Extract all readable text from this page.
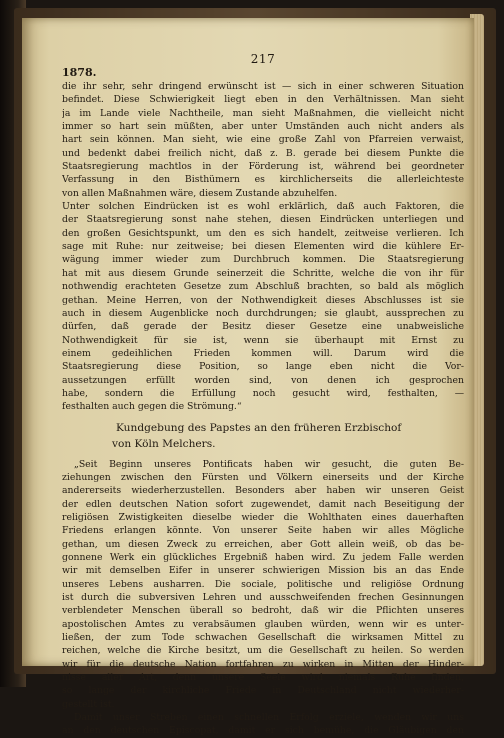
217
1878.
die ihr sehr, sehr dringend erwünscht ist — sich in einer schweren Situation
befindet. Diese Schwierigkeit liegt eben in den Verhältnissen. Man sieht
ja im Lande viele Nachtheile, man sieht Maßnahmen, die vielleicht nicht
immer so hart sein müßten, aber unter Umständen auch nicht anders als
hart sein können. Man sieht, wie eine große Zahl von Pfarreien verwaist,
und bedenkt dabei freilich nicht, daß z. B. gerade bei diesem Punkte die
Staatsregierung machtlos in der Förderung ist, während bei geordneter
Verfassung in den Bisthümern es kirchlicherseits die allerleichteste
von allen Maßnahmen wäre, diesem Zustande abzuhelfen.
Unter solchen Eindrücken ist es wohl erklärlich, daß auch Faktoren, die
der Staatsregierung sonst nahe stehen, diesen Eindrücken unterliegen und
den großen Gesichtspunkt, um den es sich handelt, zeitweise verlieren. Ich
sage mit Ruhe: nur zeitweise; bei diesen Elementen wird die kühlere Er-
wägung immer wieder zum Durchbruch kommen. Die Staatsregierung
hat mit aus diesem Grunde seinerzeit die Schritte, welche die von ihr für
nothwendig erachteten Gesetze zum Abschluß brachten, so bald als möglich
gethan. Meine Herren, von der Nothwendigkeit dieses Abschlusses ist sie
auch in diesem Augenblicke noch durchdrungen; sie glaubt, aussprechen zu
dürfen, daß gerade der Besitz dieser Gesetze eine unabweisliche
Nothwendigkeit für sie ist, wenn sie überhaupt mit Ernst zu
einem gedeihlichen Frieden kommen will. Darum wird die
Staatsregierung diese Position, so lange eben nicht die Vor-
aussetzungen erfüllt worden sind, von denen ich gesprochen
habe, sondern die Erfüllung noch gesucht wird, festhalten, —
festhalten auch gegen die Strömung.“
Kundgebung des Papstes an den früheren Erzbischof
von Köln Melchers.
„Seit Beginn unseres Pontificats haben wir gesucht, die guten Be-
ziehungen zwischen den Fürsten und Völkern einerseits und der Kirche
andererseits wiederherzustellen. Besonders aber haben wir unseren Geist
der edlen deutschen Nation sofort zugewendet, damit nach Beseitigung der
religiösen Zwistigkeiten dieselbe wieder die Wohlthaten eines dauerhaften
Friedens erlangen könnte. Von unserer Seite haben wir alles Mögliche
gethan, um diesen Zweck zu erreichen, aber Gott allein weiß, ob das be-
gonnene Werk ein glückliches Ergebniß haben wird. Zu jedem Falle werden
wir mit demselben Eifer in unserer schwierigen Mission bis an das Ende
unseres Lebens ausharren. Die sociale, politische und religiöse Ordnung
ist durch die subversiven Lehren und ausschweifenden frechen Gesinnungen
verblendeter Menschen überall so bedroht, daß wir die Pflichten unseres
apostolischen Amtes zu verabsäumen glauben würden, wenn wir es unter-
ließen, der zum Tode schwachen Gesellschaft die wirksamen Mittel zu
reichen, welche die Kirche besitzt, um die Gesellschaft zu heilen. So werden
wir für die deutsche Nation fortfahren zu wirken in Mitten der Hinder-
nisse aller Art, denn unsere Seele wird niemals Ruhe finden,
so lange der kirchliche Friede in Deutschland nicht wiederher-
gestellt ist.
Damit unser Streben einen schnellen Erfolg erziele, wenden wir uns
an den deutschen Episcopat, damit er sich bemühe, die Gläubigen den
